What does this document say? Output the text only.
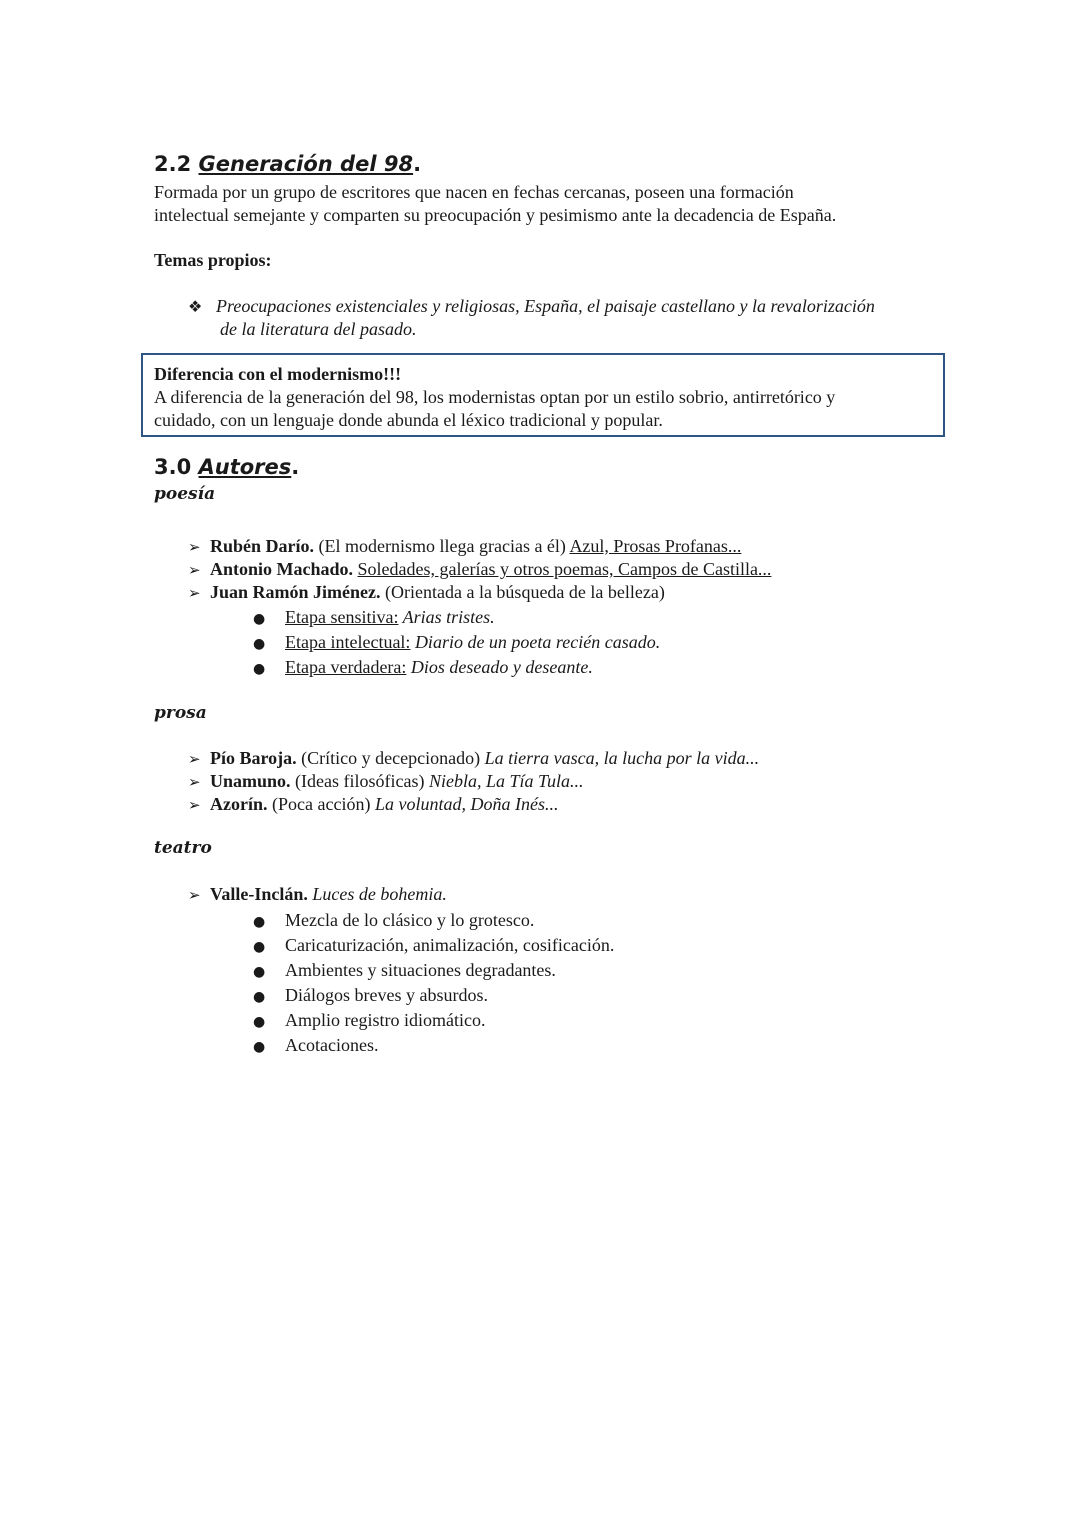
2.2 Generación del 98.
Formada por un grupo de escritores que nacen en fechas cercanas, poseen una formación
intelectual semejante y comparten su preocupación y pesimismo ante la decadencia de España.
Temas propios:
❖ Preocupaciones existenciales y religiosas, España, el paisaje castellano y la revalorización
de la literatura del pasado.
Diferencia con el modernismo!!!
A diferencia de la generación del 98, los modernistas optan por un estilo sobrio, antirretórico y
cuidado, con un lenguaje donde abunda el léxico tradicional y popular.
3.0 Autores.
poesía
➢ Rubén Darío. (El modernismo llega gracias a él) Azul, Prosas Profanas...
➢ Antonio Machado. Soledades, galerías y otros poemas, Campos de Castilla...
➢ Juan Ramón Jiménez. (Orientada a la búsqueda de la belleza)
● Etapa sensitiva: Arias tristes.
● Etapa intelectual: Diario de un poeta recién casado.
● Etapa verdadera: Dios deseado y deseante.
prosa
➢ Pío Baroja. (Crítico y decepcionado) La tierra vasca, la lucha por la vida...
➢ Unamuno. (Ideas filosóficas) Niebla, La Tía Tula...
➢ Azorín. (Poca acción) La voluntad, Doña Inés...
teatro
➢ Valle-Inclán. Luces de bohemia.
● Mezcla de lo clásico y lo grotesco.
● Caricaturización, animalización, cosificación.
● Ambientes y situaciones degradantes.
● Diálogos breves y absurdos.
● Amplio registro idiomático.
● Acotaciones.
